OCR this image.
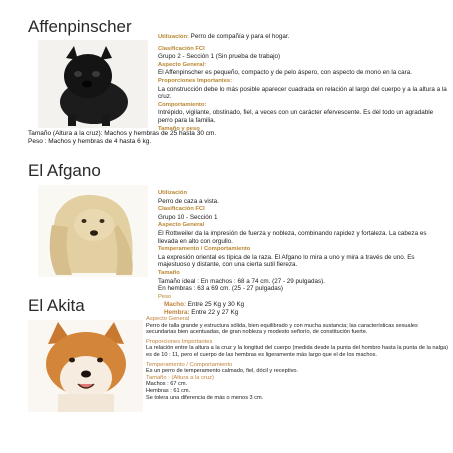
Affenpinscher
Utilización: Perro de compañía y para el hogar.
Clasificación FCI
Grupo 2 - Sección 1 (Sin prueba de trabajo)
Aspecto General:
El Affenpinscher es pequeño, compacto y de pelo áspero, con aspecto de mono en la cara.
Proporciones Importantes:
La construcción debe lo más posible aparecer cuadrada en relación al largo del cuerpo y a la altura a la cruz.
Comportamiento:
Intrépido, vigilante, obstinado, fiel, a veces con un carácter efervescente. Es del todo un agradable perro para la familia.
Tamaño y peso
Tamaño (Altura a la cruz): Machos y hembras de 25 hasta 30 cm.
Peso : Machos y hembras de 4 hasta 6 kg.
El Afgano
Utilización
Perro de caza a vista.
Clasificación FCI
Grupo 10 - Sección 1
Aspecto General
El Rottweiler da la impresión de fuerza y nobleza, combinando rapidez y fortaleza. La cabeza es llevada en alto con orgullo.
Temperamento / Comportamiento
La expresión oriental es típica de la raza. El Afgano lo mira a uno y mira a través de uno. Es majestuoso y distante, con una cierta sutil fiereza.
Tamaño
Tamaño ideal : En machos : 68 a 74 cm. (27 - 29 pulgadas).
En hembras : 63 a 69 cm. (25 - 27 pulgadas)
Peso
Macho: Entre 25 Kg y 30 Kg
Hembra: Entre 22 y 27 Kg
El Akita
Aspecto General
Perro de talla grande y estructura sólida, bien equilibrado y con mucha sustancia; las características sexuales secundarias bien acentuadas, de gran nobleza y modesto señorío, de constitución fuerte.
Proporciones Importantes
La relación entre la altura a la cruz y la longitud del cuerpo (medida desde la punta del hombro hasta la punta de la nalga) es de 10 : 11, pero el cuerpo de las hembras es ligeramente más largo que el de los machos.
Temperamento / Comportamiento
Es un perro de temperamento calmado, fiel, dócil y receptivo.
Tamaño : (Altura a la cruz)
Machos : 67 cm.
Hembras : 61 cm.
Se tolera una diferencia de más o menos 3 cm.
